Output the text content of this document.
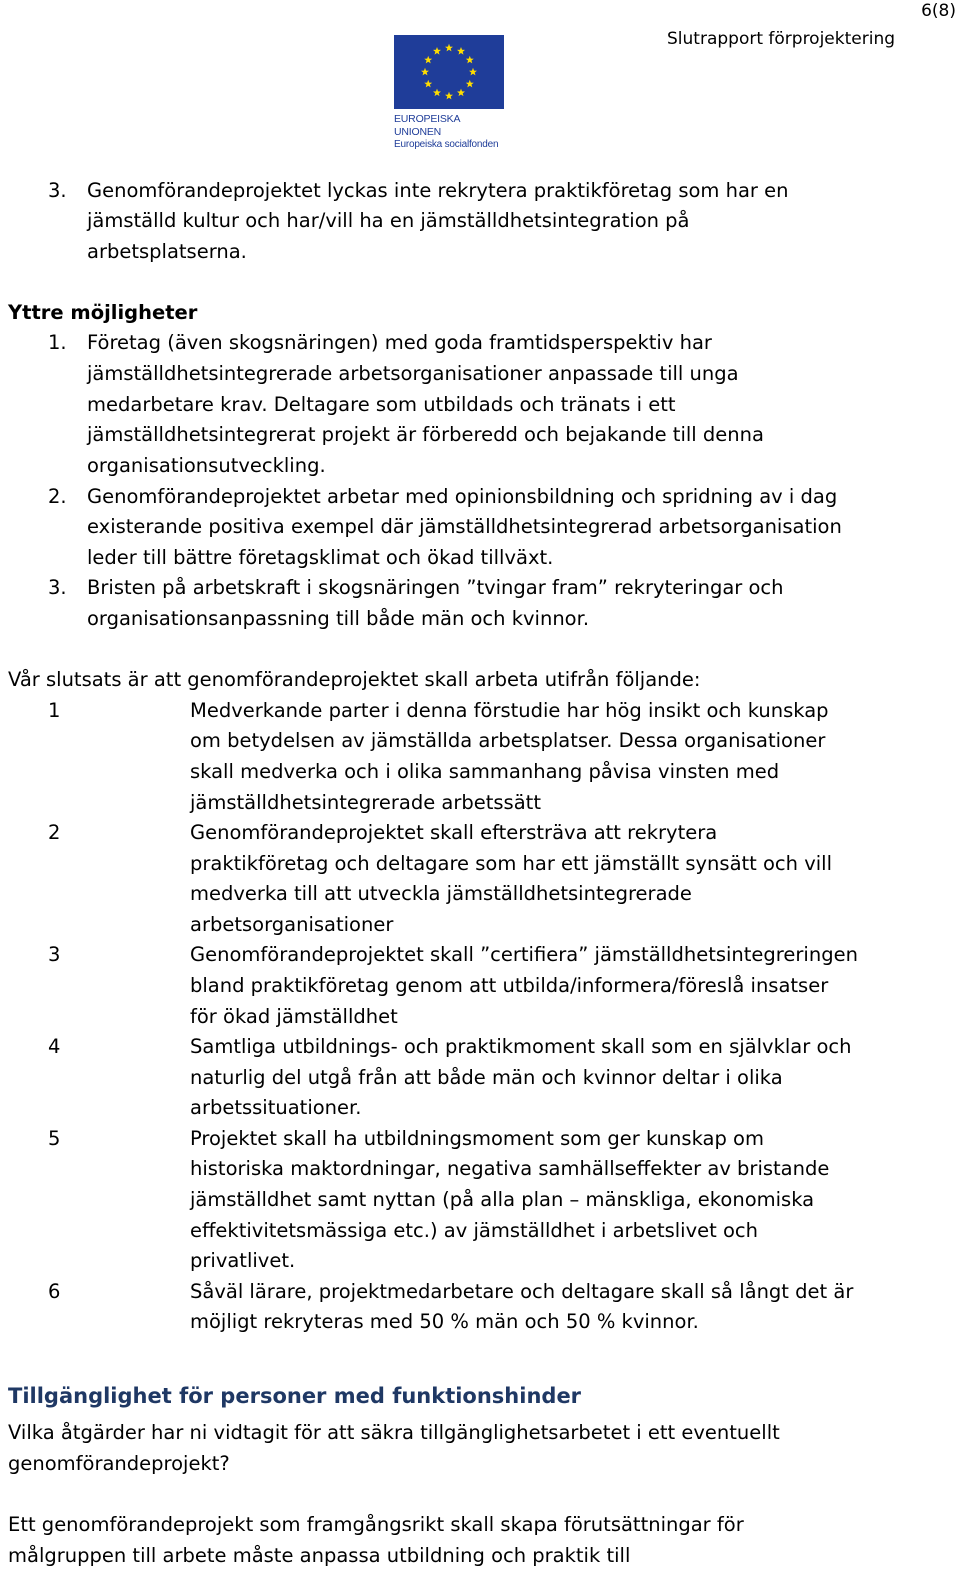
6(8)
Slutrapport förprojektering
EUROPEISKA UNIONEN
Europeiska socialfonden
3. Genomförandeprojektet lyckas inte rekrytera praktikföretag som har en
jämställd kultur och har/vill ha en jämställdhetsintegration på
arbetsplatserna.
Yttre möjligheter
1. Företag (även skogsnäringen) med goda framtidsperspektiv har
jämställdhetsintegrerade arbetsorganisationer anpassade till unga
medarbetare krav. Deltagare som utbildads och tränats i ett
jämställdhetsintegrerat projekt är förberedd och bejakande till denna
organisationsutveckling.
2. Genomförandeprojektet arbetar med opinionsbildning och spridning av i dag
existerande positiva exempel där jämställdhetsintegrerad arbetsorganisation
leder till bättre företagsklimat och ökad tillväxt.
3. Bristen på arbetskraft i skogsnäringen ”tvingar fram” rekryteringar och
organisationsanpassning till både män och kvinnor.
Vår slutsats är att genomförandeprojektet skall arbeta utifrån följande:
1	Medverkande parter i denna förstudie har hög insikt och kunskap
om betydelsen av jämställda arbetsplatser. Dessa organisationer
skall medverka och i olika sammanhang påvisa vinsten med
jämställdhetsintegrerade arbetssätt
2	Genomförandeprojektet skall eftersträva att rekrytera
praktikföretag och deltagare som har ett jämställt synsätt och vill
medverka till att utveckla jämställdhetsintegrerade
arbetsorganisationer
3	Genomförandeprojektet skall ”certifiera” jämställdhetsintegreringen
bland praktikföretag genom att utbilda/informera/föreslå insatser
för ökad jämställdhet
4	Samtliga utbildnings- och praktikmoment skall som en självklar och
naturlig del utgå från att både män och kvinnor deltar i olika
arbetssituationer.
5	Projektet skall ha utbildningsmoment som ger kunskap om
historiska maktordningar, negativa samhällseffekter av bristande
jämställdhet samt nyttan (på alla plan – mänskliga, ekonomiska
effektivitetsmässiga etc.) av jämställdhet i arbetslivet och
privatlivet.
6	Såväl lärare, projektmedarbetare och deltagare skall så långt det är
möjligt rekryteras med 50 % män och 50 % kvinnor.
Tillgänglighet för personer med funktionshinder
Vilka åtgärder har ni vidtagit för att säkra tillgänglighetsarbetet i ett eventuellt
genomförandeprojekt?
Ett genomförandeprojekt som framgångsrikt skall skapa förutsättningar för
målgruppen till arbete måste anpassa utbildning och praktik till
